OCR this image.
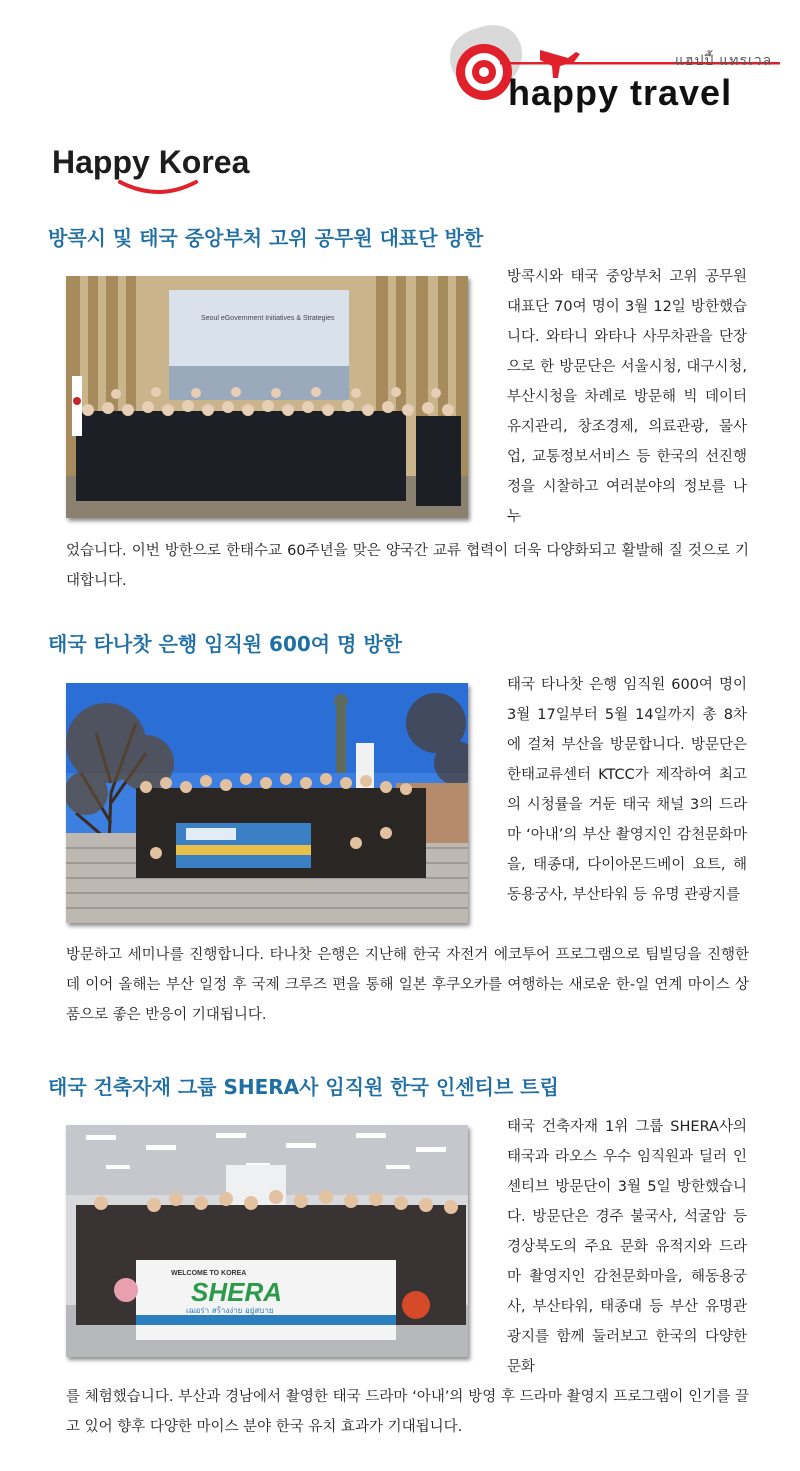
แฮปปี้ แทรเวล
happy travel
Happy Korea
방콕시 및 태국 중앙부처 고위 공무원 대표단 방한
Seoul eGovernment Initiatives & Strategies

방콕시와 태국 중앙부처 고위 공무원 대표단 70여 명이 3월 12일 방한했습니다. 와타니 와타나 사무차관을 단장으로 한 방문단은 서울시청, 대구시청, 부산시청을 차례로 방문해 빅 데이터 유지관리, 창조경제, 의료관광, 물사업, 교통정보서비스 등 한국의 선진행정을 시찰하고 여러분야의 정보를 나누

었습니다. 이번 방한으로 한태수교 60주년을 맞은 양국간 교류 협력이 더욱 다양화되고 활발해 질 것으로 기대합니다.

태국 타나찻 은행 임직원 600여 명 방한

태국 타나찻 은행 임직원 600여 명이 3월 17일부터 5월 14일까지 총 8차에 걸쳐 부산을 방문합니다. 방문단은 한태교류센터 KTCC가 제작하여 최고의 시청률을 거둔 태국 채널 3의 드라마 ‘아내’의 부산 촬영지인 감천문화마을, 태종대, 다이아몬드베이 요트, 해동용궁사, 부산타워 등 유명 관광지를

방문하고 세미나를 진행합니다. 타나찻 은행은 지난해 한국 자전거 에코투어 프로그램으로 팀빌딩을 진행한데 이어 올해는 부산 일정 후 국제 크루즈 편을 통해 일본 후쿠오카를 여행하는 새로운 한-일 연계 마이스 상품으로 좋은 반응이 기대됩니다.

태국 건축자재 그룹 SHERA사 임직원 한국 인센티브 트립
WELCOME TO KOREA
SHERA
เฌอร่า สร้างง่าย อยู่สบาย

태국 건축자재 1위 그룹 SHERA사의 태국과 라오스 우수 임직원과 딜러 인센티브 방문단이 3월 5일 방한했습니다. 방문단은 경주 불국사, 석굴암 등 경상북도의 주요 문화 유적지와 드라마 촬영지인 감천문화마을, 해동용궁사, 부산타워, 태종대 등 부산 유명관광지를 함께 둘러보고 한국의 다양한 문화

를 체험했습니다. 부산과 경남에서 촬영한 태국 드라마 ‘아내’의 방영 후 드라마 촬영지 프로그램이 인기를 끌고 있어 향후 다양한 마이스 분야 한국 유치 효과가 기대됩니다.
